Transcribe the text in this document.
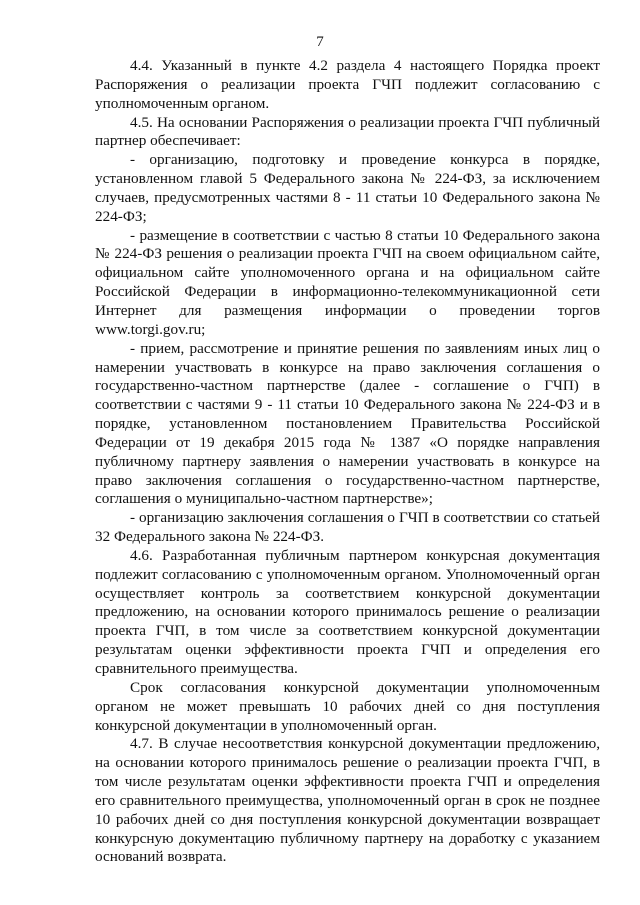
7

4.4. Указанный в пункте 4.2 раздела 4 настоящего Порядка проект Распоряжения о реализации проекта ГЧП подлежит согласованию с уполномоченным органом.

4.5. На основании Распоряжения о реализации проекта ГЧП публичный партнер обеспечивает:

- организацию, подготовку и проведение конкурса в порядке, установленном главой 5 Федерального закона № 224-ФЗ, за исключением случаев, предусмотренных частями 8 - 11 статьи 10 Федерального закона № 224-ФЗ;

- размещение в соответствии с частью 8 статьи 10 Федерального закона № 224-ФЗ решения о реализации проекта ГЧП на своем официальном сайте, официальном сайте уполномоченного органа и на официальном сайте Российской Федерации в информационно-телекоммуникационной сети Интернет для размещения информации о проведении торгов www.torgi.gov.ru;

- прием, рассмотрение и принятие решения по заявлениям иных лиц о намерении участвовать в конкурсе на право заключения соглашения о государственно-частном партнерстве (далее - соглашение о ГЧП) в соответствии с частями 9 - 11 статьи 10 Федерального закона № 224-ФЗ и в порядке, установленном постановлением Правительства Российской Федерации от 19 декабря 2015 года № 1387 «О порядке направления публичному партнеру заявления о намерении участвовать в конкурсе на право заключения соглашения о государственно-частном партнерстве, соглашения о муниципально-частном партнерстве»;

- организацию заключения соглашения о ГЧП в соответствии со статьей 32 Федерального закона № 224-ФЗ.

4.6. Разработанная публичным партнером конкурсная документация подлежит согласованию с уполномоченным органом. Уполномоченный орган осуществляет контроль за соответствием конкурсной документации предложению, на основании которого принималось решение о реализации проекта ГЧП, в том числе за соответствием конкурсной документации результатам оценки эффективности проекта ГЧП и определения его сравнительного преимущества.

Срок согласования конкурсной документации уполномоченным органом не может превышать 10 рабочих дней со дня поступления конкурсной документации в уполномоченный орган.

4.7. В случае несоответствия конкурсной документации предложению, на основании которого принималось решение о реализации проекта ГЧП, в том числе результатам оценки эффективности проекта ГЧП и определения его сравнительного преимущества, уполномоченный орган в срок не позднее 10 рабочих дней со дня поступления конкурсной документации возвращает конкурсную документацию публичному партнеру на доработку с указанием оснований возврата.
